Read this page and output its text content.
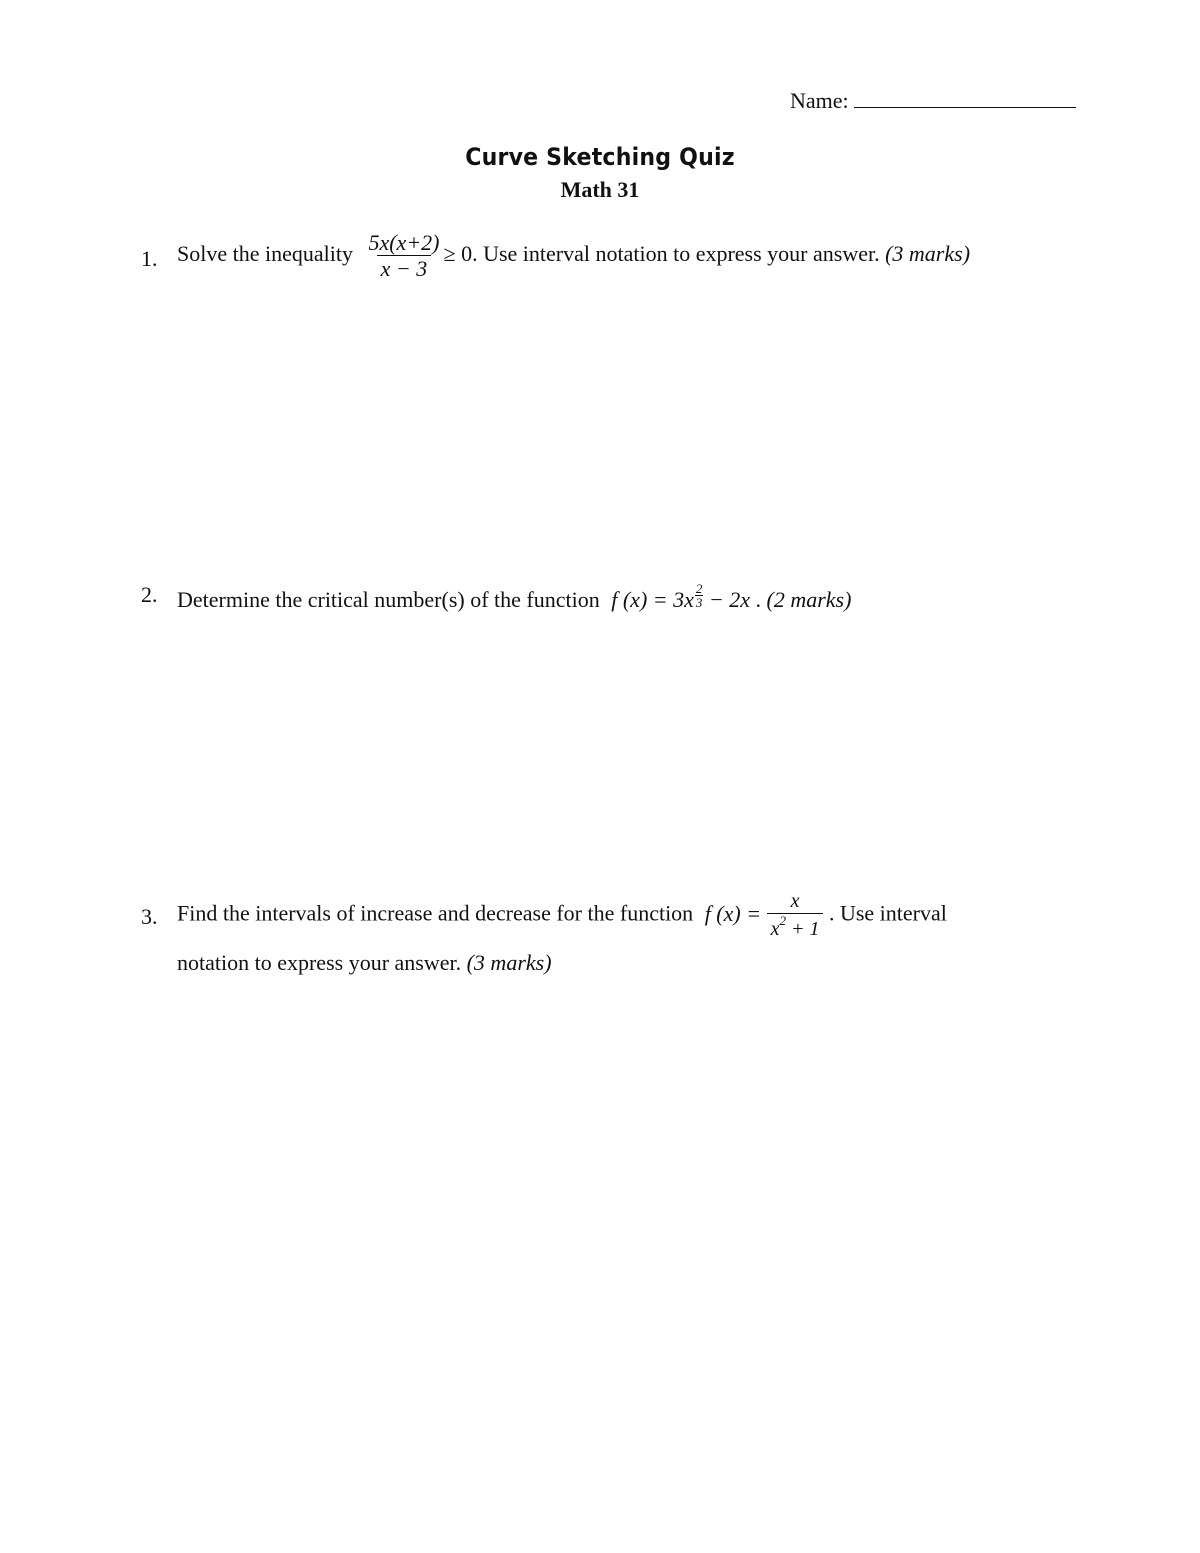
Name:
Curve Sketching Quiz
Math 31
1. Solve the inequality $\frac{5x(x+2)}{x - 3} \ge 0$. Use interval notation to express your answer. (3 marks)
2. Determine the critical number(s) of the function f $(x) = 3x \frac{2}{3} - 2x$ . (2 marks)
3. Find the intervals of increase and decrease for the function f $(x) = \frac{x}{x^2 + 1}$ . Use interval
notation to express your answer. (3 marks)
